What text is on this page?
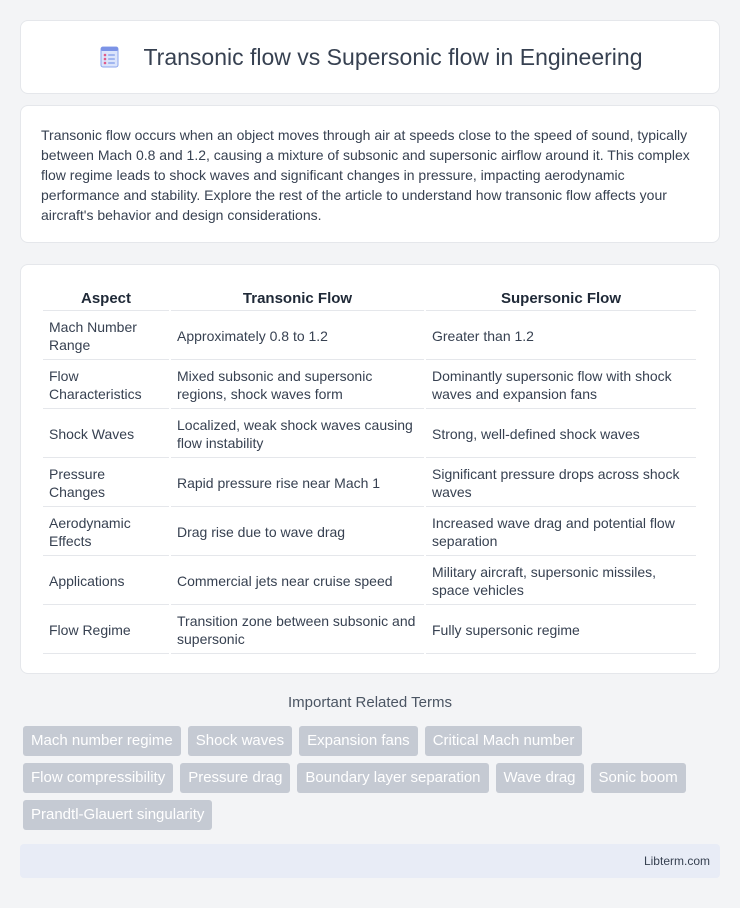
Transonic flow vs Supersonic flow in Engineering

Transonic flow occurs when an object moves through air at speeds close to the speed of sound, typically between Mach 0.8 and 1.2, causing a mixture of subsonic and supersonic airflow around it. This complex flow regime leads to shock waves and significant changes in pressure, impacting aerodynamic performance and stability. Explore the rest of the article to understand how transonic flow affects your aircraft's behavior and design considerations.

Aspect	Transonic Flow	Supersonic Flow
Mach Number Range	Approximately 0.8 to 1.2	Greater than 1.2
Flow Characteristics	Mixed subsonic and supersonic regions, shock waves form	Dominantly supersonic flow with shock waves and expansion fans
Shock Waves	Localized, weak shock waves causing flow instability	Strong, well-defined shock waves
Pressure Changes	Rapid pressure rise near Mach 1	Significant pressure drops across shock waves
Aerodynamic Effects	Drag rise due to wave drag	Increased wave drag and potential flow separation
Applications	Commercial jets near cruise speed	Military aircraft, supersonic missiles, space vehicles
Flow Regime	Transition zone between subsonic and supersonic	Fully supersonic regime
Important Related Terms
Mach number regime	Shock waves	Expansion fans	Critical Mach number
Flow compressibility	Pressure drag	Boundary layer separation	Wave drag	Sonic boom
Prandtl-Glauert singularity
Libterm.com
